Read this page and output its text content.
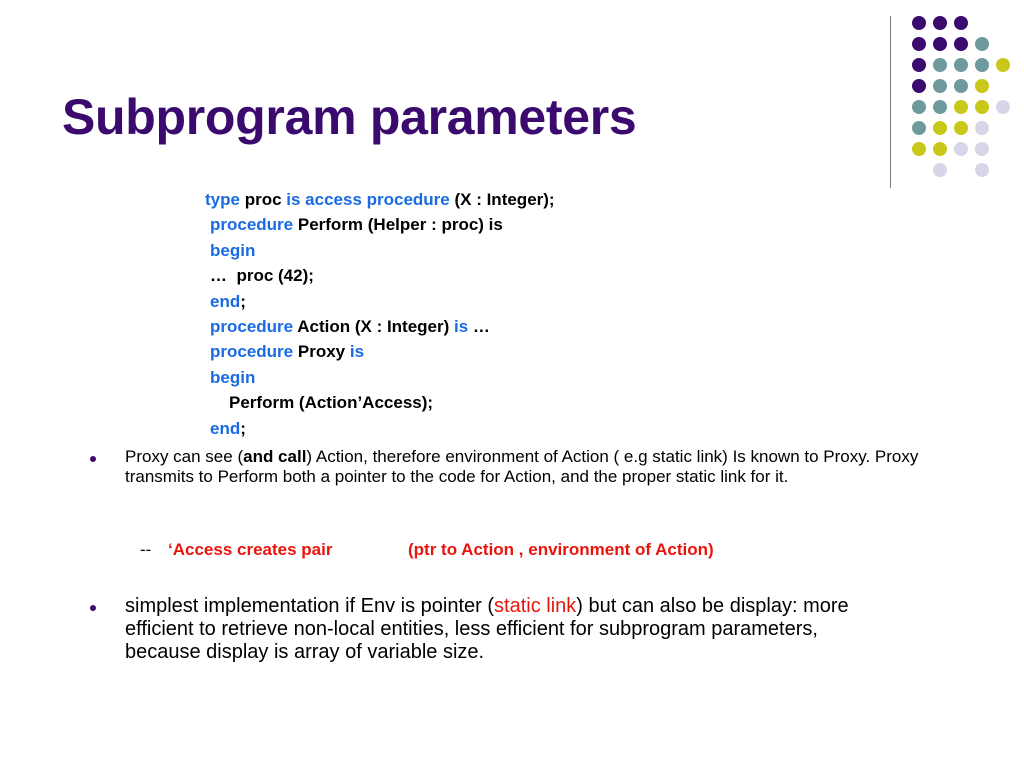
Subprogram parameters
type proc is access procedure (X : Integer);
procedure Perform (Helper : proc) is
begin
…  proc (42);
end;
procedure Action (X : Integer) is …
procedure Proxy is
begin
Perform (Action’Access);
end;
Proxy can see (and call) Action, therefore environment of Action ( e.g static link) Is known to Proxy. Proxy transmits to Perform both a pointer to the code for Action, and the proper static link for it.
-- ‘Access creates pair	(ptr to Action , environment of Action)
simplest implementation if Env is pointer (static link) but can also be display: more efficient to retrieve non-local entities, less efficient for subprogram parameters, because display is array of variable size.
